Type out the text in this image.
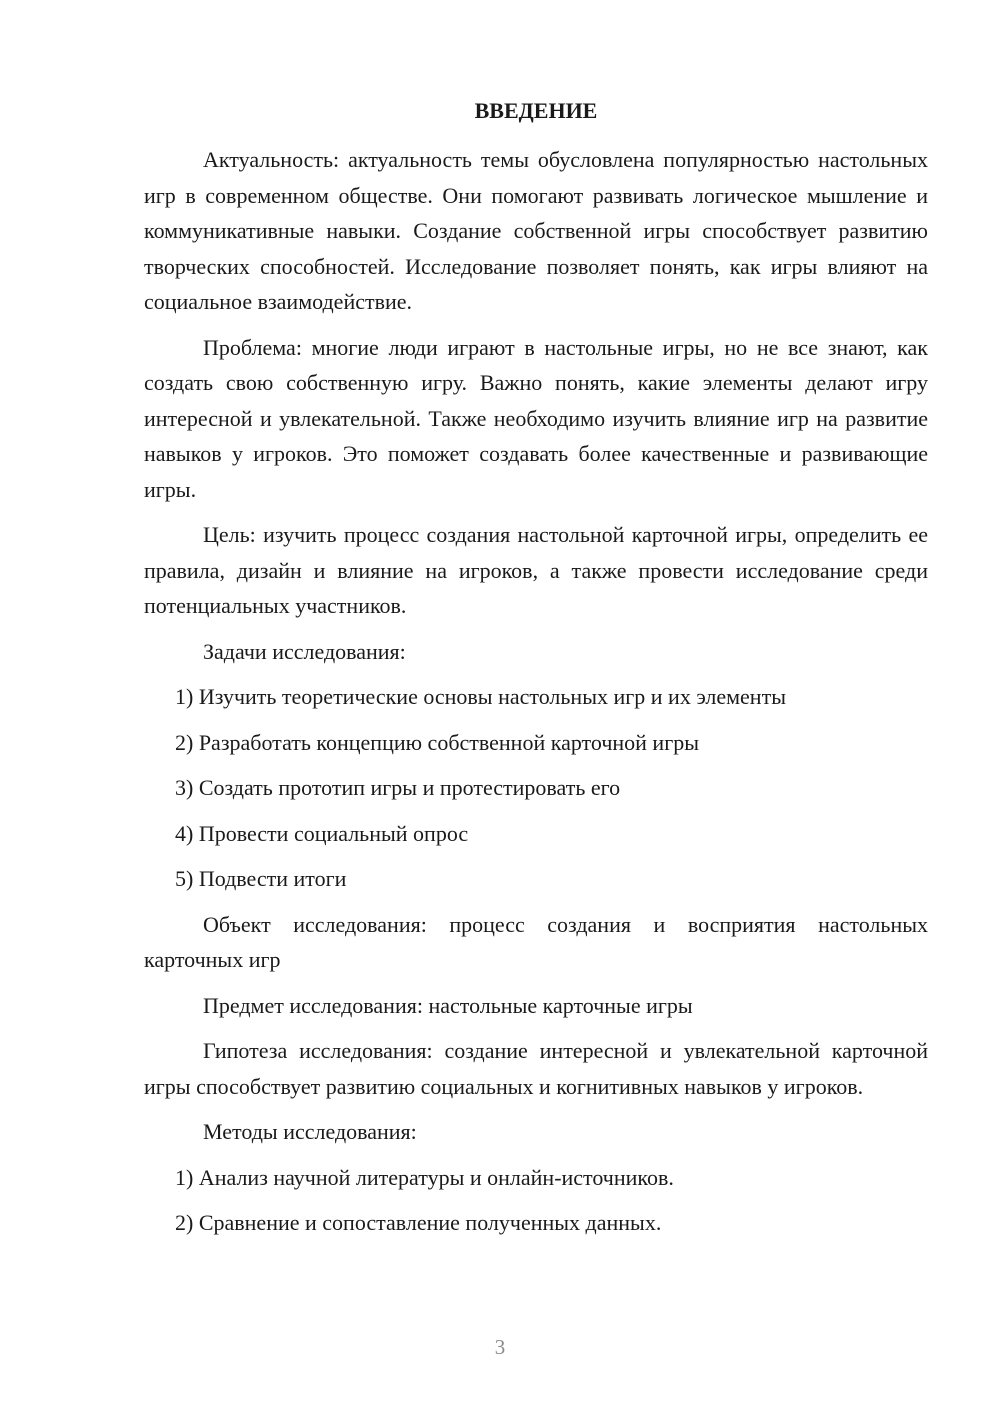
ВВЕДЕНИЕ

Актуальность: актуальность темы обусловлена популярностью настольных игр в современном обществе. Они помогают развивать логическое мышление и коммуникативные навыки. Создание собственной игры способствует развитию творческих способностей. Исследование позволяет понять, как игры влияют на социальное взаимодействие.

Проблема: многие люди играют в настольные игры, но не все знают, как создать свою собственную игру. Важно понять, какие элементы делают игру интересной и увлекательной. Также необходимо изучить влияние игр на развитие навыков у игроков. Это поможет создавать более качественные и развивающие игры.

Цель: изучить процесс создания настольной карточной игры, определить ее правила, дизайн и влияние на игроков, а также провести исследование среди потенциальных участников.

Задачи исследования:

1) Изучить теоретические основы настольных игр и их элементы

2) Разработать концепцию собственной карточной игры

3) Создать прототип игры и протестировать его

4) Провести социальный опрос

5) Подвести итоги

Объект исследования: процесс создания и восприятия настольных карточных игр

Предмет исследования: настольные карточные игры

Гипотеза исследования: создание интересной и увлекательной карточной игры способствует развитию социальных и когнитивных навыков у игроков.

Методы исследования:

1) Анализ научной литературы и онлайн-источников.

2) Сравнение и сопоставление полученных данных.

3
